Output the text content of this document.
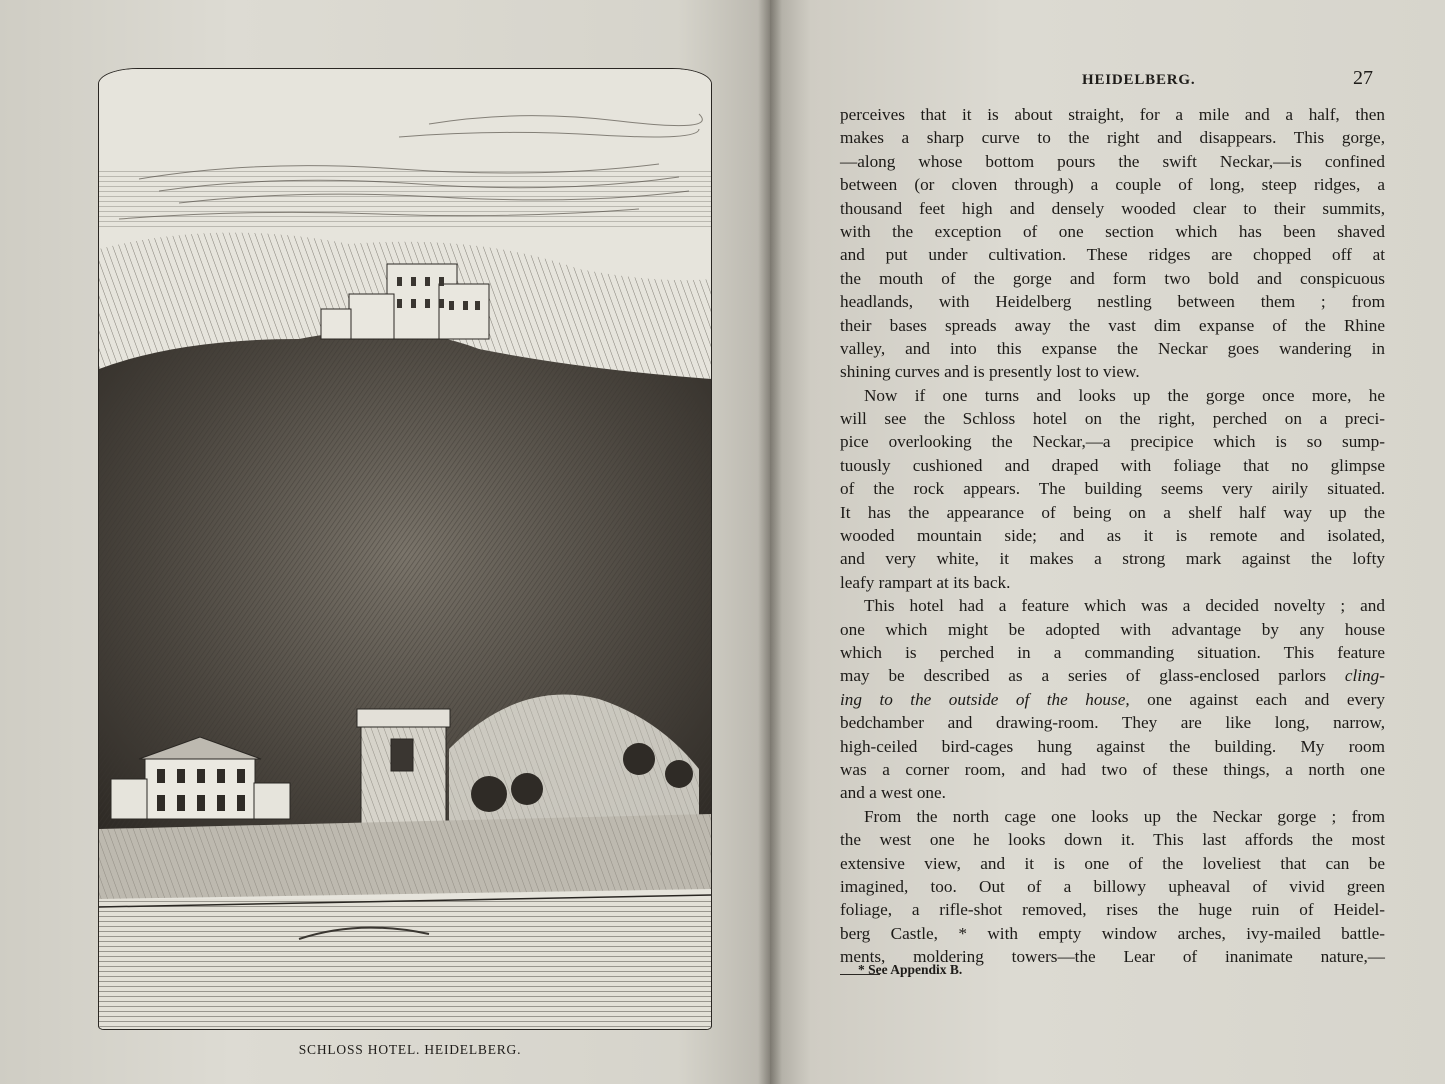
SCHLOSS HOTEL. HEIDELBERG.
HEIDELBERG.	27
perceives that it is about straight, for a mile and a half, then
makes a sharp curve to the right and disappears. This gorge,
—along whose bottom pours the swift Neckar,—is confined
between (or cloven through) a couple of long, steep ridges, a
thousand feet high and densely wooded clear to their summits,
with the exception of one section which has been shaved
and put under cultivation. These ridges are chopped off at
the mouth of the gorge and form two bold and conspicuous
headlands, with Heidelberg nestling between them ; from
their bases spreads away the vast dim expanse of the Rhine
valley, and into this expanse the Neckar goes wandering in
shining curves and is presently lost to view.
Now if one turns and looks up the gorge once more, he
will see the Schloss hotel on the right, perched on a preci-
pice overlooking the Neckar,—a precipice which is so sump-
tuously cushioned and draped with foliage that no glimpse
of the rock appears. The building seems very airily situated.
It has the appearance of being on a shelf half way up the
wooded mountain side; and as it is remote and isolated,
and very white, it makes a strong mark against the lofty
leafy rampart at its back.
This hotel had a feature which was a decided novelty ; and
one which might be adopted with advantage by any house
which is perched in a commanding situation. This feature
may be described as a series of glass-enclosed parlors cling-
ing to the outside of the house, one against each and every
bedchamber and drawing-room. They are like long, narrow,
high-ceiled bird-cages hung against the building. My room
was a corner room, and had two of these things, a north one
and a west one.
From the north cage one looks up the Neckar gorge ; from
the west one he looks down it. This last affords the most
extensive view, and it is one of the loveliest that can be
imagined, too. Out of a billowy upheaval of vivid green
foliage, a rifle-shot removed, rises the huge ruin of Heidel-
berg Castle, * with empty window arches, ivy-mailed battle-
ments, moldering towers—the Lear of inanimate nature,—
* See Appendix B.
